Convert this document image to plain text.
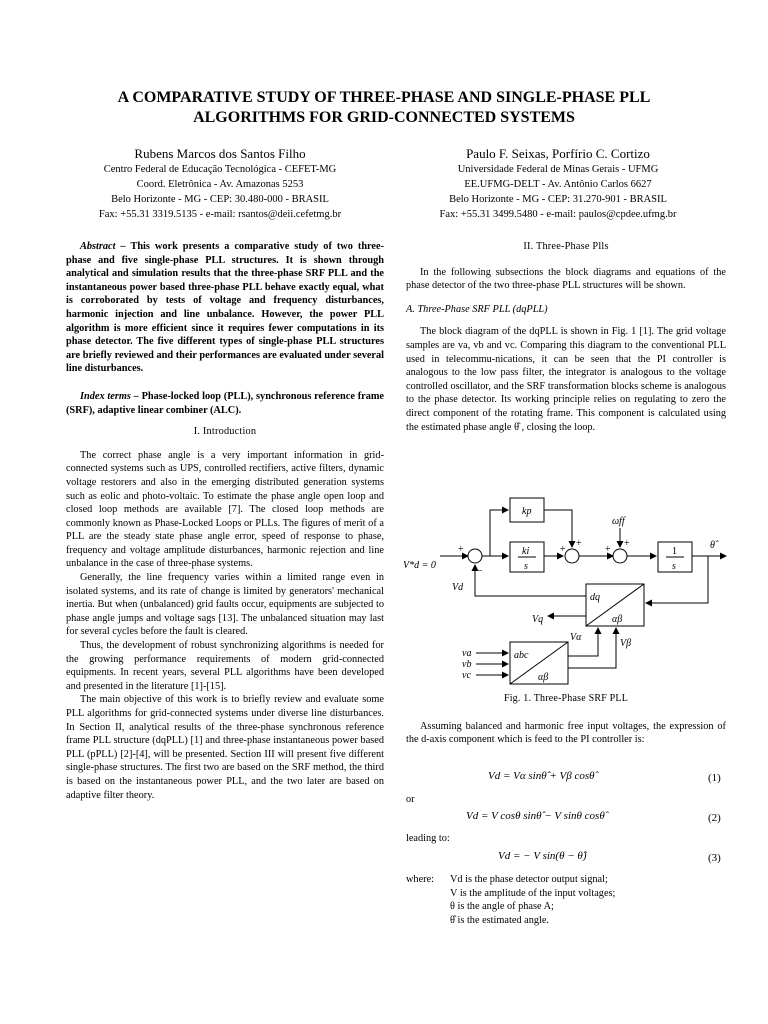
A COMPARATIVE STUDY OF THREE-PHASE AND SINGLE-PHASE PLL
ALGORITHMS FOR GRID-CONNECTED SYSTEMS
Rubens Marcos dos Santos Filho
Centro Federal de Educação Tecnológica - CEFET-MG
Coord. Eletrônica - Av. Amazonas 5253
Belo Horizonte - MG - CEP: 30.480-000 - BRASIL
Fax: +55.31 3319.5135 - e-mail: rsantos@deii.cefetmg.br
Paulo F. Seixas, Porfírio C. Cortizo
Universidade Federal de Minas Gerais - UFMG
EE.UFMG-DELT - Av. Antônio Carlos 6627
Belo Horizonte - MG - CEP: 31.270-901 - BRASIL
Fax: +55.31 3499.5480 - e-mail: paulos@cpdee.ufmg.br

Abstract – This work presents a comparative study of two three-phase and five single-phase PLL structures. It is shown through analytical and simulation results that the three-phase SRF PLL and the instantaneous power based three-phase PLL behave exactly equal, what is corroborated by tests of voltage and frequency disturbances, harmonic injection and line unbalance. However, the power PLL algorithm is more efficient since it requires fewer computations in its phase detector. The five different types of single-phase PLL structures are briefly reviewed and their performances are evaluated under several line disturbances.

Index terms – Phase-locked loop (PLL), synchronous reference frame (SRF), adaptive linear combiner (ALC).

I. Introduction

The correct phase angle is a very important information in grid-connected systems such as UPS, controlled rectifiers, active filters, dynamic voltage restorers and also in the emerging distributed generation systems such as eolic and photo-voltaic. To estimate the phase angle open loop and closed loop methods are available [7]. The closed loop methods are commonly known as Phase-Locked Loops or PLLs. The figures of merit of a PLL are the steady state phase angle error, speed of response to phase, frequency and voltage amplitude disturbances, harmonic rejection and line unbalance in the case of three-phase systems.

Generally, the line frequency varies within a limited range even in isolated systems, and its rate of change is limited by generators' mechanical inertia. But when (unbalanced) grid faults occur, equipments are subjected to phase angle jumps and voltage sags [13]. The unbalanced situation may last for several cycles before the fault is cleared.

Thus, the development of robust synchronizing algorithms is needed for the growing performance requirements of modern grid-connected equipments. In recent years, several PLL algorithms have been developed and presented in the literature [1]-[15].

The main objective of this work is to briefly review and evaluate some PLL algorithms for grid-connected systems under diverse line disturbances. In Section II, analytical results of the three-phase synchronous reference frame PLL structure (dqPLL) [1] and three-phase instantaneous power based PLL (pPLL) [2]-[4], will be presented. Section III will present five different single-phase structures. The first two are based on the SRF method, the third is based on the instantaneous power PLL, and the two later are based on adaptive filter theory.

II. Three-Phase Plls

In the following subsections the block diagrams and equations of the phase detector of the two three-phase PLL structures will be shown.

A. Three-Phase SRF PLL (dqPLL)

The block diagram of the dqPLL is shown in Fig. 1 [1]. The grid voltage samples are va, vb and vc. Comparing this diagram to the conventional PLL used in telecommu-nications, it can be seen that the PI controller is analogous to the low pass filter, the integrator is analogous to the voltage controlled oscillator, and the SRF transformation blocks scheme is analogous to the phase detector. Its working principle relies on regulating to zero the direct component of the rotating frame. This component is calculated using the estimated phase angle θ̂ , closing the loop.

V*d = 0
kp
ki
s
1
s
ωff
θ̂
Vd
Vq
Vα
Vβ
dq
αβ
abc
αβ
va
vb
vc
+
−
+
+
+
+

Fig. 1. Three-Phase SRF PLL

Assuming balanced and harmonic free input voltages, the expression of the d-axis component which is feed to the PI controller is:

Vd = Vα sinθ̂ + Vβ cosθ̂	(1)
or
Vd = V cosθ sinθ̂ − V sinθ cosθ̂	(2)
leading to:
Vd = − V sin(θ − θ̂)	(3)
where: Vd is the phase detector output signal;
V is the amplitude of the input voltages;
θ is the angle of phase A;
θ̂ is the estimated angle.
